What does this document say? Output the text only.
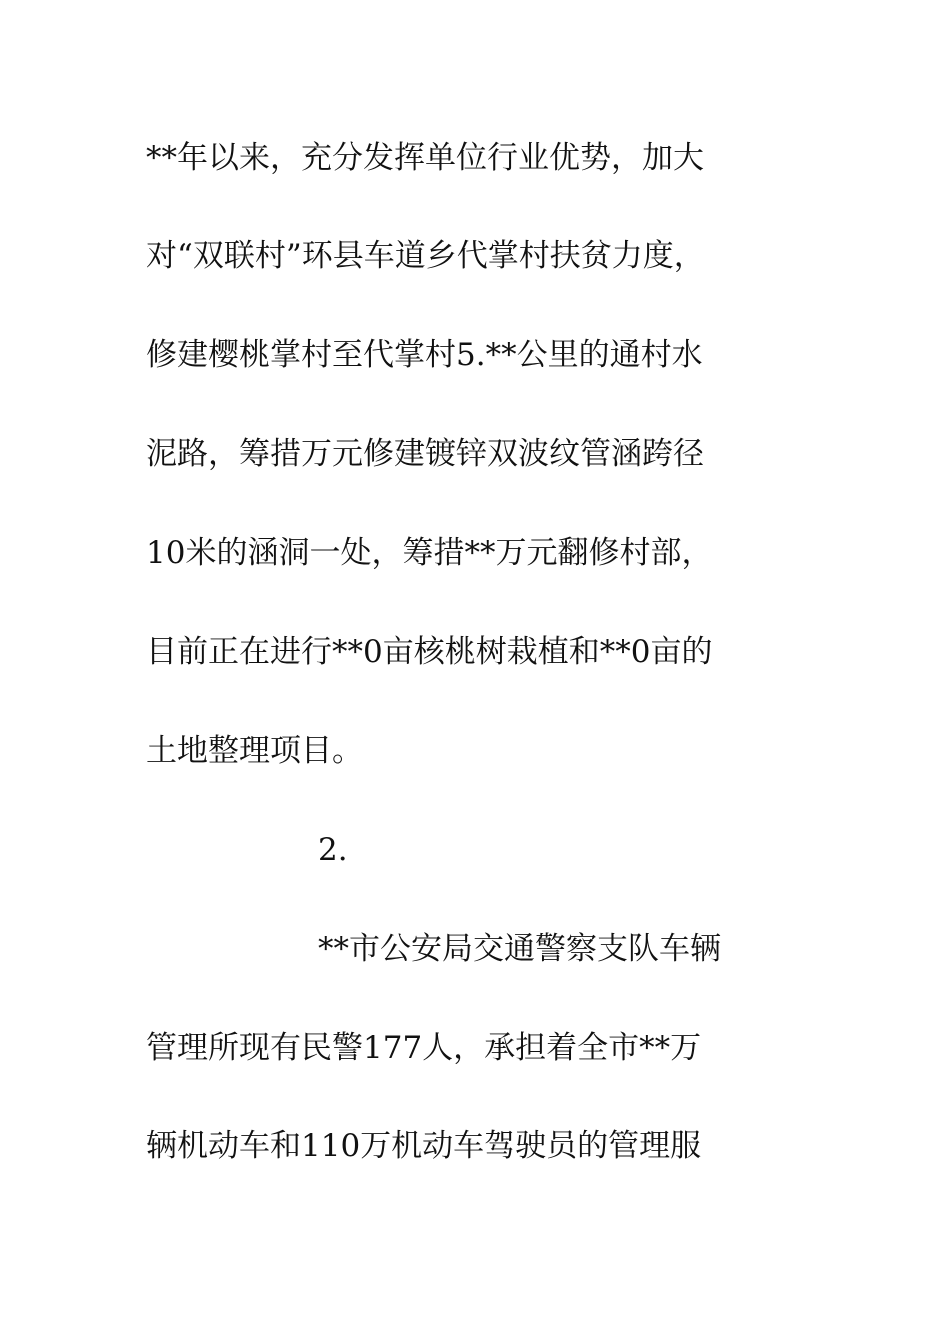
**年以来，充分发挥单位行业优势，加大
对“双联村”环县车道乡代掌村扶贫力度，
修建樱桃掌村至代掌村5.**公里的通村水
泥路，筹措万元修建镀锌双波纹管涵跨径
10米的涵洞一处，筹措**万元翻修村部，
目前正在进行**0亩核桃树栽植和**0亩的
土地整理项目。
2.
**市公安局交通警察支队车辆
管理所现有民警177人，承担着全市**万
辆机动车和110万机动车驾驶员的管理服
